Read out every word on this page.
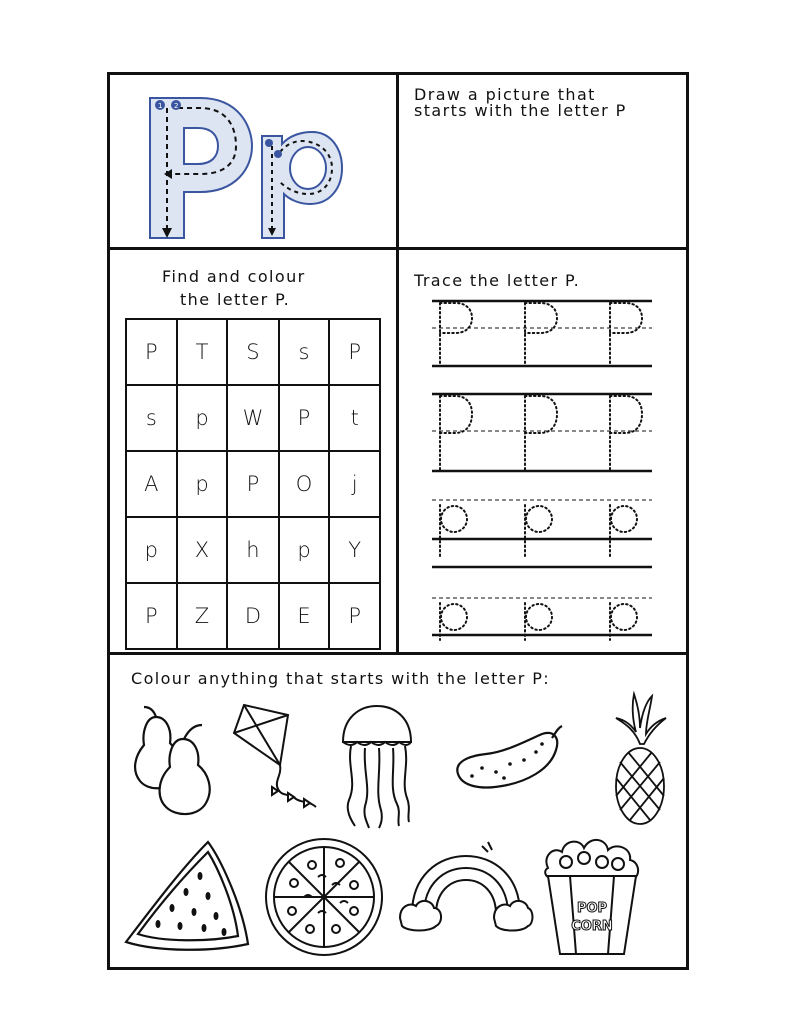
1 2
Draw a picture that
starts with the letter P
Find and colour
the letter P.
P	T	S	s	P
s	p	W	P	t
A	p	P	O	j
p	X	h	p	Y
P	Z	D	E	P
Trace the letter P.
Colour anything that starts with the letter P:
POP
CORN
